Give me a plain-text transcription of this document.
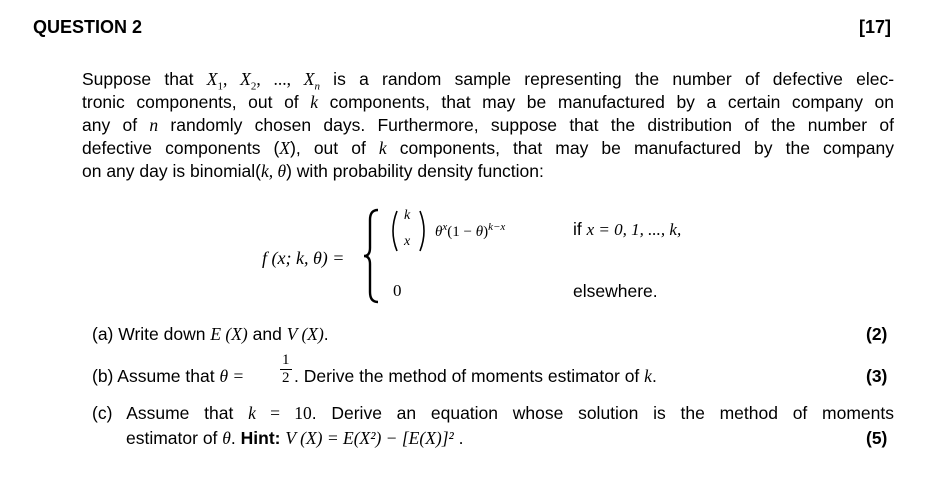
QUESTION 2	[17]
Suppose that $X_1$, $X_2$, ..., $X_n$ is a random sample representing the number of defective elec-
tronic components, out of k components, that may be manufactured by a certain company on
any of n randomly chosen days. Furthermore, suppose that the distribution of the number of
defective components (X), out of k components, that may be manufactured by the company
on any day is binomial(k, θ) with probability density function:
f (x; k, θ) =
k
x
$\theta^x(1 - \theta)^{k-x}$	if x = 0, 1, ..., k,
0	elsewhere.
(a) Write down E (X) and V (X).	(2)
(b) Assume that θ =
1
2 . Derive the method of moments estimator of k.	(3)
(c) Assume that k = 10. Derive an equation whose solution is the method of moments
estimator of θ. Hint: V (X) = E(X²) − [E(X)]² .	(5)
